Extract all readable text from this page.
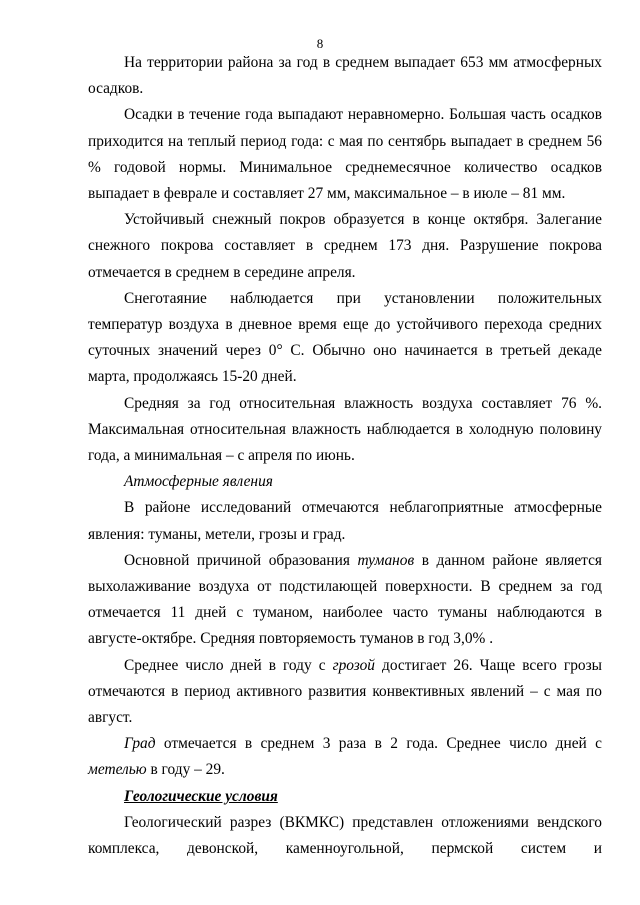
8

На территории района за год в среднем выпадает 653 мм атмосферных осадков.

Осадки в течение года выпадают неравномерно. Большая часть осадков приходится на теплый период года: с мая по сентябрь выпадает в среднем 56 % годовой нормы. Минимальное среднемесячное количество осадков выпадает в феврале и составляет 27 мм, максимальное – в июле – 81 мм.

Устойчивый снежный покров образуется в конце октября. Залегание снежного покрова составляет в среднем 173 дня. Разрушение покрова отмечается в среднем в середине апреля.

Снеготаяние наблюдается при установлении положительных температур воздуха в дневное время еще до устойчивого перехода средних суточных значений через 0° С. Обычно оно начинается в третьей декаде марта, продолжаясь 15-20 дней.

Средняя за год относительная влажность воздуха составляет 76 %. Максимальная относительная влажность наблюдается в холодную половину года, а минимальная – с апреля по июнь.

Атмосферные явления

В районе исследований отмечаются неблагоприятные атмосферные явления: туманы, метели, грозы и град.

Основной причиной образования туманов в данном районе является выхолаживание воздуха от подстилающей поверхности. В среднем за год отмечается 11 дней с туманом, наиболее часто туманы наблюдаются в августе-октябре. Средняя повторяемость туманов в год 3,0% .

Среднее число дней в году с грозой достигает 26. Чаще всего грозы отмечаются в период активного развития конвективных явлений – с мая по август.

Град отмечается в среднем 3 раза в 2 года. Среднее число дней с метелью в году – 29.

Геологические условия

Геологический разрез (ВКМКС) представлен отложениями вендского комплекса, девонской, каменноугольной, пермской систем и
